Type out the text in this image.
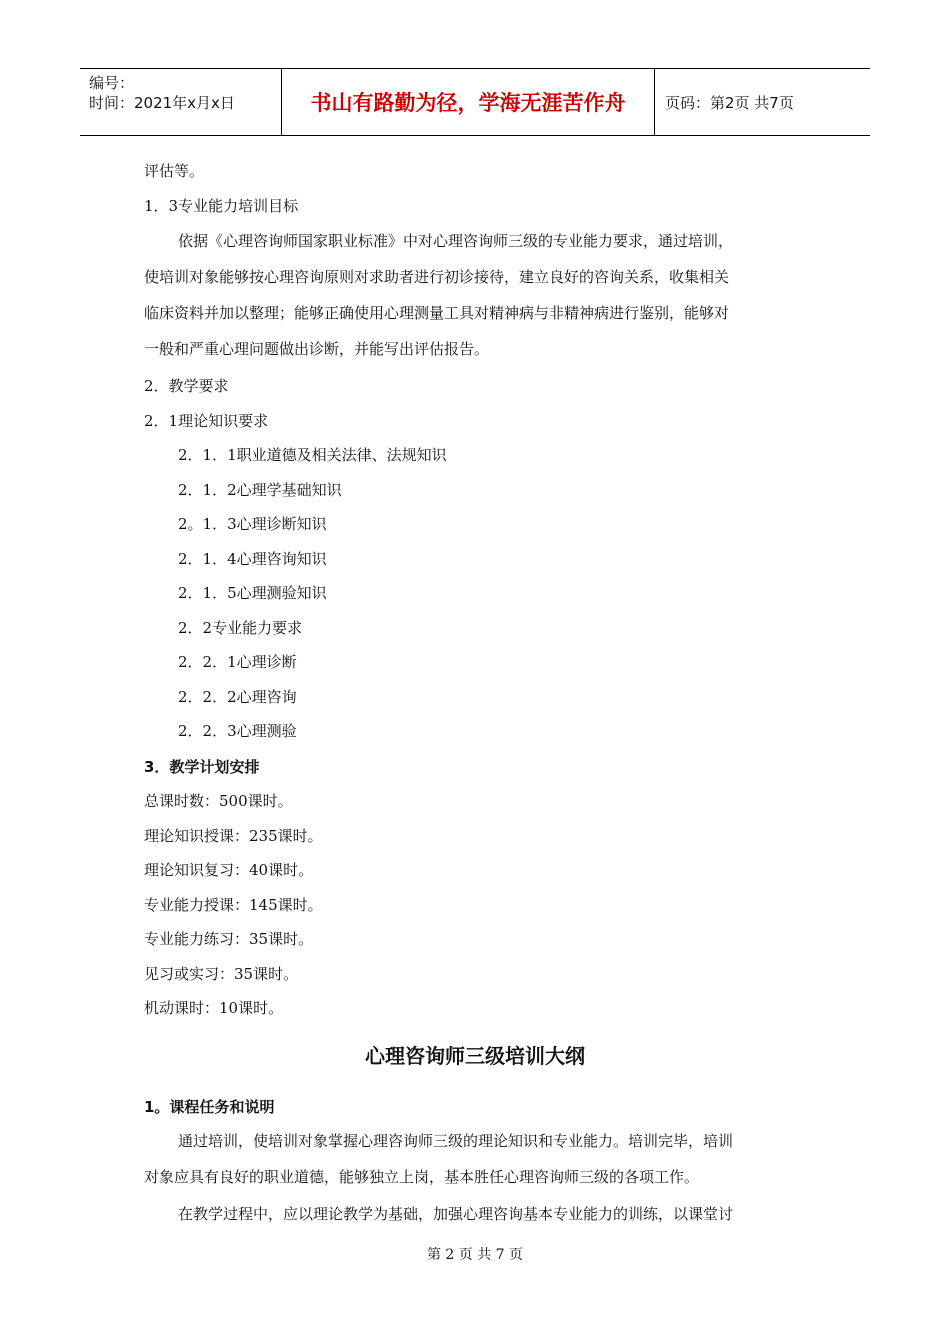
编号：
时间：2021年x月x日	书山有路勤为径，学海无涯苦作舟	页码：第2页 共7页
评估等。
1．3专业能力培训目标
依据《心理咨询师国家职业标准》中对心理咨询师三级的专业能力要求，通过培训，
使培训对象能够按心理咨询原则对求助者进行初诊接待，建立良好的咨询关系，收集相关
临床资料并加以整理；能够正确使用心理测量工具对精神病与非精神病进行鉴别，能够对
一般和严重心理问题做出诊断，并能写出评估报告。
2．教学要求
2．1理论知识要求
2．1．1职业道德及相关法律、法规知识
2．1．2心理学基础知识
2。1．3心理诊断知识
2．1．4心理咨询知识
2．1．5心理测验知识
2．2专业能力要求
2．2．1心理诊断
2．2．2心理咨询
2．2．3心理测验
3．教学计划安排
总课时数：500课时。
理论知识授课：235课时。
理论知识复习：40课时。
专业能力授课：145课时。
专业能力练习：35课时。
见习或实习：35课时。
机动课时：10课时。
心理咨询师三级培训大纲
1。课程任务和说明
通过培训，使培训对象掌握心理咨询师三级的理论知识和专业能力。培训完毕，培训
对象应具有良好的职业道德，能够独立上岗，基本胜任心理咨询师三级的各项工作。
在教学过程中，应以理论教学为基础，加强心理咨询基本专业能力的训练，以课堂讨
第 2 页 共 7 页
